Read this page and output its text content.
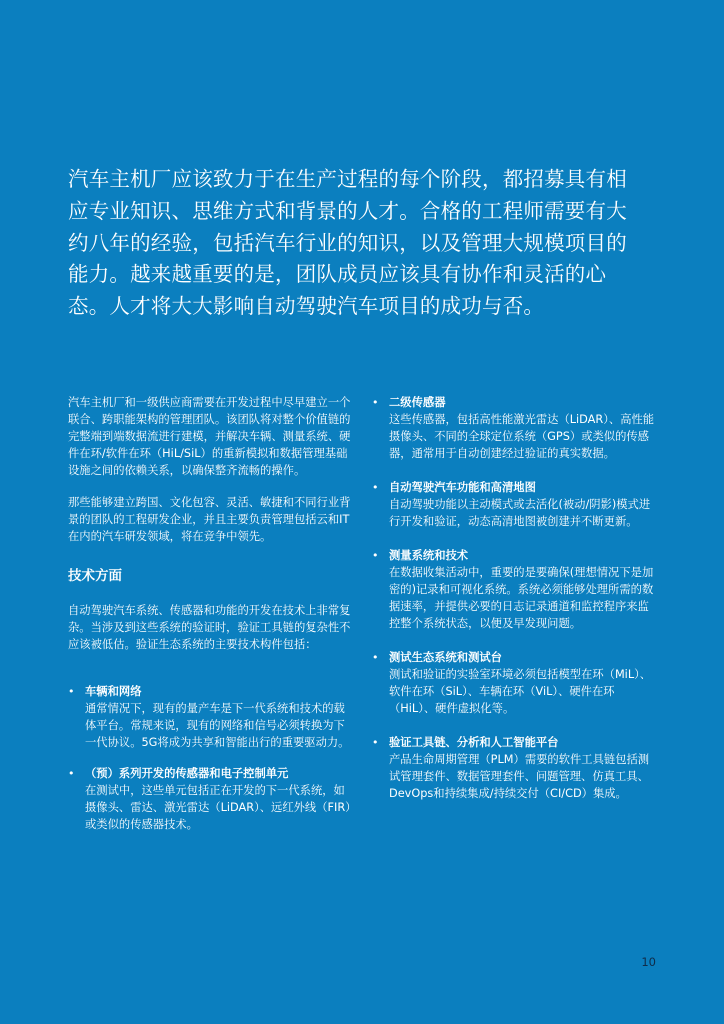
汽车主机厂应该致力于在生产过程的每个阶段，都招募具有相应专业知识、思维方式和背景的人才。合格的工程师需要有大约八年的经验，包括汽车行业的知识，以及管理大规模项目的能力。越来越重要的是，团队成员应该具有协作和灵活的心态。人才将大大影响自动驾驶汽车项目的成功与否。

汽车主机厂和一级供应商需要在开发过程中尽早建立一个联合、跨职能架构的管理团队。该团队将对整个价值链的完整端到端数据流进行建模，并解决车辆、测量系统、硬件在环/软件在环（HiL/SiL）的重新模拟和数据管理基础设施之间的依赖关系，以确保整齐流畅的操作。

那些能够建立跨国、文化包容、灵活、敏捷和不同行业背景的团队的工程研发企业，并且主要负责管理包括云和IT在内的汽车研发领域，将在竞争中领先。

技术方面

自动驾驶汽车系统、传感器和功能的开发在技术上非常复杂。当涉及到这些系统的验证时，验证工具链的复杂性不应该被低估。验证生态系统的主要技术构件包括：

• 车辆和网络
通常情况下，现有的量产车是下一代系统和技术的载体平台。常规来说，现有的网络和信号必须转换为下一代协议。5G将成为共享和智能出行的重要驱动力。
• （预）系列开发的传感器和电子控制单元
在测试中，这些单元包括正在开发的下一代系统，如摄像头、雷达、激光雷达（LiDAR）、远红外线（FIR）或类似的传感器技术。
• 二级传感器
这些传感器，包括高性能激光雷达（LiDAR）、高性能摄像头、不同的全球定位系统（GPS）或类似的传感器，通常用于自动创建经过验证的真实数据。
• 自动驾驶汽车功能和高清地图
自动驾驶功能以主动模式或去活化(被动/阴影)模式进行开发和验证，动态高清地图被创建并不断更新。
• 测量系统和技术
在数据收集活动中，重要的是要确保(理想情况下是加密的)记录和可视化系统。系统必须能够处理所需的数据速率，并提供必要的日志记录通道和监控程序来监控整个系统状态，以便及早发现问题。
• 测试生态系统和测试台
测试和验证的实验室环境必须包括模型在环（MiL）、软件在环（SiL）、车辆在环（ViL）、硬件在环（HiL）、硬件虚拟化等。
• 验证工具链、分析和人工智能平台
产品生命周期管理（PLM）需要的软件工具链包括测试管理套件、数据管理套件、问题管理、仿真工具、DevOps和持续集成/持续交付（CI/CD）集成。
10
